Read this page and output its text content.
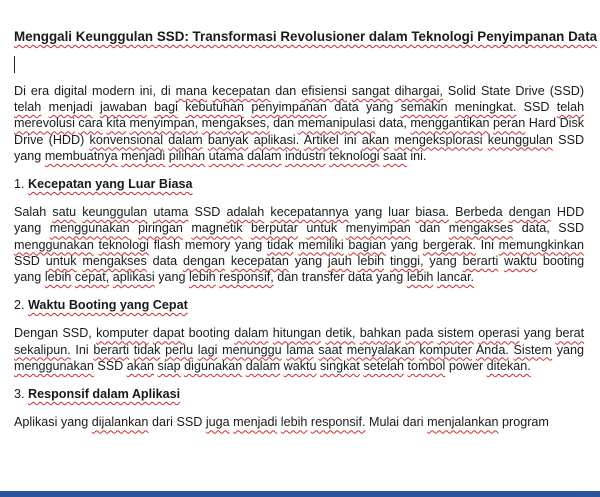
Menggali Keunggulan SSD: Transformasi Revolusioner dalam Teknologi Penyimpanan Data

Di era digital modern ini, di mana kecepatan dan efisiensi sangat dihargai, Solid State Drive (SSD) telah menjadi jawaban bagi kebutuhan penyimpanan data yang semakin meningkat. SSD telah merevolusi cara kita menyimpan, mengakses, dan memanipulasi data, menggantikan peran Hard Disk Drive (HDD) konvensional dalam banyak aplikasi. Artikel ini akan mengeksplorasi keunggulan SSD yang membuatnya menjadi pilihan utama dalam industri teknologi saat ini.

1. Kecepatan yang Luar Biasa

Salah satu keunggulan utama SSD adalah kecepatannya yang luar biasa. Berbeda dengan HDD yang menggunakan piringan magnetik berputar untuk menyimpan dan mengakses data, SSD menggunakan teknologi flash memory yang tidak memiliki bagian yang bergerak. Ini memungkinkan SSD untuk mengakses data dengan kecepatan yang jauh lebih tinggi, yang berarti waktu booting yang lebih cepat, aplikasi yang lebih responsif, dan transfer data yang lebih lancar.

2. Waktu Booting yang Cepat

Dengan SSD, komputer dapat booting dalam hitungan detik, bahkan pada sistem operasi yang berat sekalipun. Ini berarti tidak perlu lagi menunggu lama saat menyalakan komputer Anda. Sistem yang menggunakan SSD akan siap digunakan dalam waktu singkat setelah tombol power ditekan.

3. Responsif dalam Aplikasi

Aplikasi yang dijalankan dari SSD juga menjadi lebih responsif. Mulai dari menjalankan program
